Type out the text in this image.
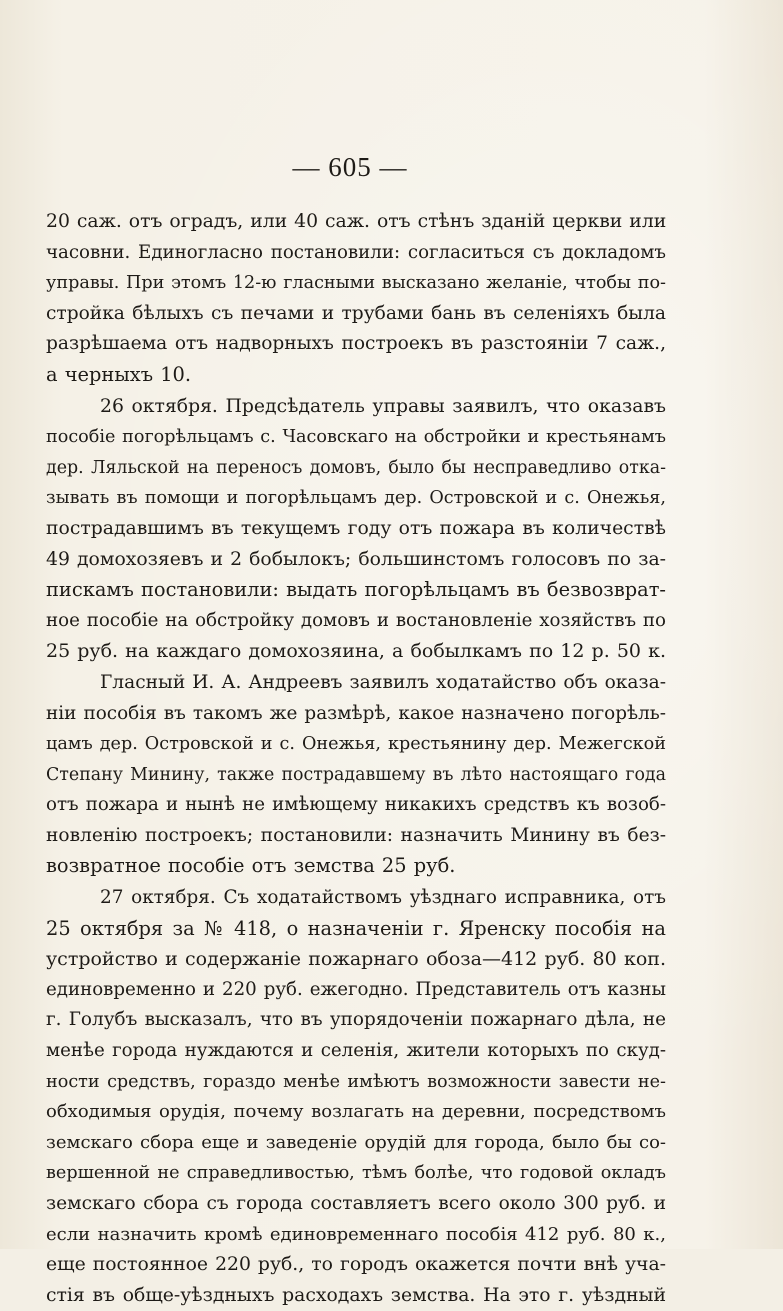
— 605 —
20 саж. отъ оградъ, или 40 саж. отъ стѣнъ зданій церкви или
часовни. Единогласно постановили: согласиться съ докладомъ
управы. При этомъ 12-ю гласными высказано желаніе, чтобы по-
стройка бѣлыхъ съ печами и трубами бань въ селеніяхъ была
разрѣшаема отъ надворныхъ построекъ въ разстояніи 7 саж.,
а черныхъ 10.
26 октября. Предсѣдатель управы заявилъ, что оказавъ
пособіе погорѣльцамъ с. Часовскаго на обстройки и крестьянамъ
дер. Ляльской на переносъ домовъ, было бы несправедливо отка-
зывать въ помощи и погорѣльцамъ дер. Островской и с. Онежья,
пострадавшимъ въ текущемъ году отъ пожара въ количествѣ
49 домохозяевъ и 2 бобылокъ; большинстомъ голосовъ по за-
пискамъ постановили: выдать погорѣльцамъ въ безвозврат-
ное пособіе на обстройку домовъ и востановленіе хозяйствъ по
25 руб. на каждаго домохозяина, а бобылкамъ по 12 р. 50 к.
Гласный И. А. Андреевъ заявилъ ходатайство объ оказа-
ніи пособія въ такомъ же размѣрѣ, какое назначено погорѣль-
цамъ дер. Островской и с. Онежья, крестьянину дер. Межегской
Степану Минину, также пострадавшему въ лѣто настоящаго года
отъ пожара и нынѣ не имѣющему никакихъ средствъ къ возоб-
новленію построекъ; постановили: назначить Минину въ без-
возвратное пособіе отъ земства 25 руб.
27 октября. Съ ходатайствомъ уѣзднаго исправника, отъ
25 октября за № 418, о назначеніи г. Яренску пособія на
устройство и содержаніе пожарнаго обоза—412 руб. 80 коп.
единовременно и 220 руб. ежегодно. Представитель отъ казны
г. Голубъ высказалъ, что въ упорядоченіи пожарнаго дѣла, не
менѣе города нуждаются и селенія, жители которыхъ по скуд-
ности средствъ, гораздо менѣе имѣютъ возможности завести не-
обходимыя орудія, почему возлагать на деревни, посредствомъ
земскаго сбора еще и заведеніе орудій для города, было бы со-
вершенной не справедливостью, тѣмъ болѣе, что годовой окладъ
земскаго сбора съ города составляетъ всего около 300 руб. и
если назначить кромѣ единовременнаго пособія 412 руб. 80 к.,
еще постоянное 220 руб., то городъ окажется почти внѣ уча-
стія въ обще-уѣздныхъ расходахъ земства. На это г. уѣздный
